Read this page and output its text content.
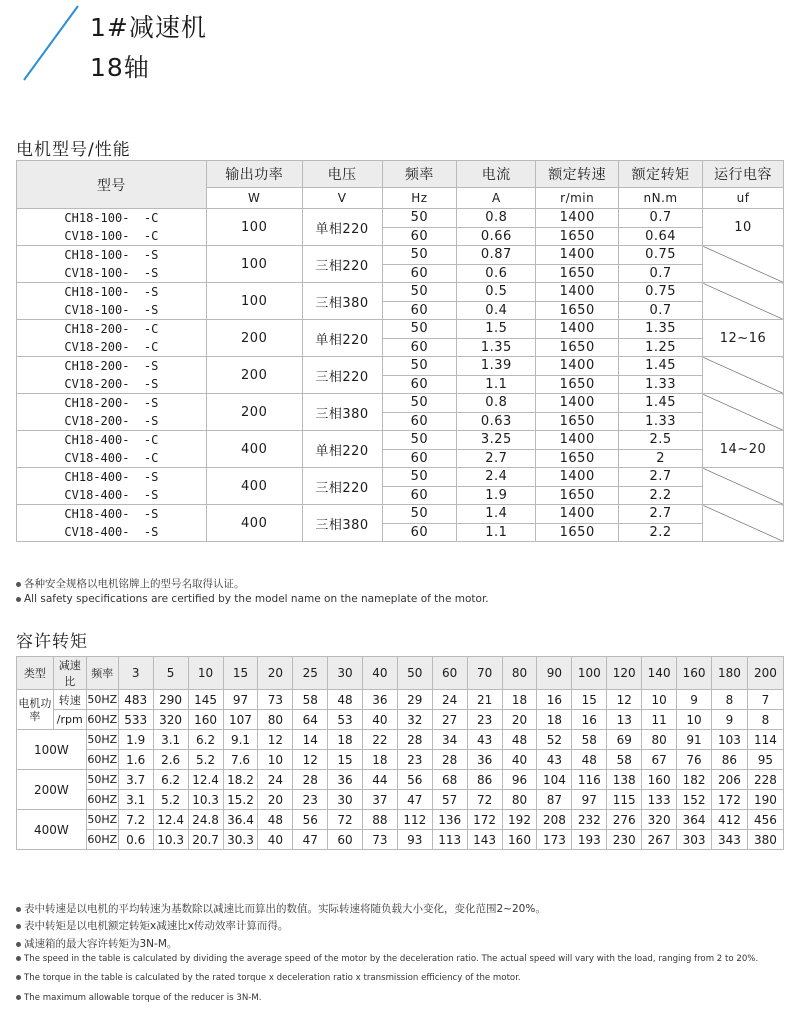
1#减速机
18轴
电机型号/性能
型号	输出功率	电压	频率	电流	额定转速	额定转矩	运行电容
	W	V	Hz	A	r/min	nN.m	uf

CH18-100-  -C
CV18-100-  -C	100	单相220	50	0.8	1400	0.7	10
			60	0.66	1650	0.64	

CH18-100-  -S
CV18-100-  -S	100	三相220	50	0.87	1400	0.75	
			60	0.6	1650	0.7	

CH18-100-  -S
CV18-100-  -S	100	三相380	50	0.5	1400	0.75	
			60	0.4	1650	0.7	

CH18-200-  -C
CV18-200-  -C	200	单相220	50	1.5	1400	1.35	12~16
			60	1.35	1650	1.25	

CH18-200-  -S
CV18-200-  -S	200	三相220	50	1.39	1400	1.45	
			60	1.1	1650	1.33	

CH18-200-  -S
CV18-200-  -S	200	三相380	50	0.8	1400	1.45	
			60	0.63	1650	1.33	

CH18-400-  -C
CV18-400-  -C	400	单相220	50	3.25	1400	2.5	14~20
			60	2.7	1650	2	

CH18-400-  -S
CV18-400-  -S	400	三相220	50	2.4	1400	2.7	
			60	1.9	1650	2.2	

CH18-400-  -S
CV18-400-  -S	400	三相380	50	1.4	1400	2.7	
			60	1.1	1650	2.2	
各种安全规格以电机铭牌上的型号名取得认证。
All safety specifications are certified by the model name on the nameplate of the motor.
容许转矩
类型	减速比	频率	3	5	10	15	20	25	30	40	50	60	70	80	90	100	120	140	160	180	200
电机功率	转速	50HZ	483	290	145	97	73	58	48	36	29	24	21	18	16	15	12	10	9	8	7
	/rpm	60HZ	533	320	160	107	80	64	53	40	32	27	23	20	18	16	13	11	10	9	8
100W		50HZ	1.9	3.1	6.2	9.1	12	14	18	22	28	34	43	48	52	58	69	80	91	103	114
		60HZ	1.6	2.6	5.2	7.6	10	12	15	18	23	28	36	40	43	48	58	67	76	86	95
200W		50HZ	3.7	6.2	12.4	18.2	24	28	36	44	56	68	86	96	104	116	138	160	182	206	228
		60HZ	3.1	5.2	10.3	15.2	20	23	30	37	47	57	72	80	87	97	115	133	152	172	190
400W		50HZ	7.2	12.4	24.8	36.4	48	56	72	88	112	136	172	192	208	232	276	320	364	412	456
		60HZ	0.6	10.3	20.7	30.3	40	47	60	73	93	113	143	160	173	193	230	267	303	343	380
表中转速是以电机的平均转速为基数除以减速比而算出的数值。实际转速将随负载大小变化，变化范围2~20%。
表中转矩是以电机额定转矩x减速比x传动效率计算而得。
减速箱的最大容许转矩为3N-M。
The speed in the table is calculated by dividing the average speed of the motor by the deceleration ratio. The actual speed will vary with the load, ranging from 2 to 20%.
The torque in the table is calculated by the rated torque x deceleration ratio x transmission efficiency of the motor.
The maximum allowable torque of the reducer is 3N-M.
